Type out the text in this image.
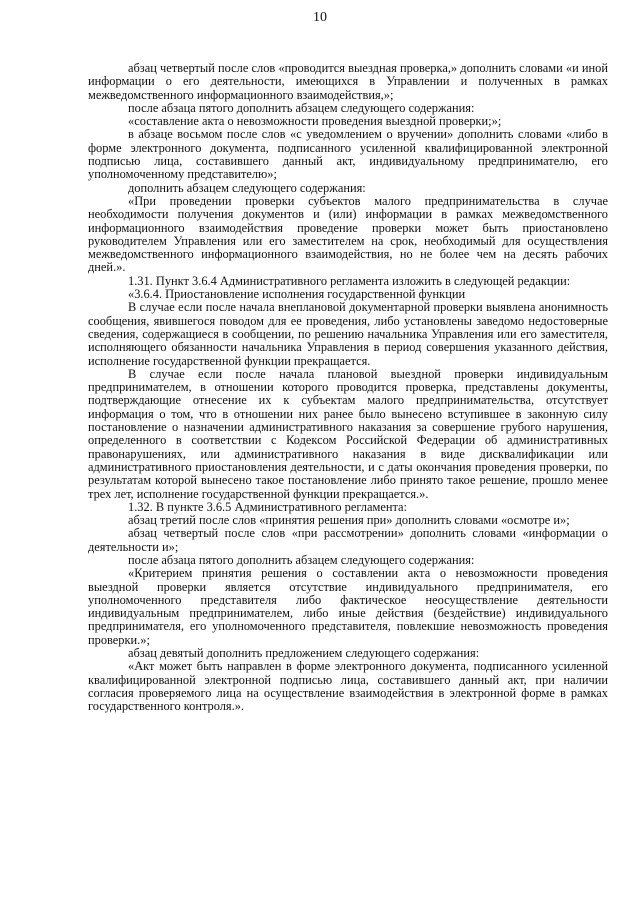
10

абзац четвертый после слов «проводится выездная проверка,» дополнить словами «и иной информации о его деятельности, имеющихся в Управлении и полученных в рамках межведомственного информационного взаимодействия,»;

после абзаца пятого дополнить абзацем следующего содержания:

«составление акта о невозможности проведения выездной проверки;»;

в абзаце восьмом после слов «с уведомлением о вручении» дополнить словами «либо в форме электронного документа, подписанного усиленной квалифицированной электронной подписью лица, составившего данный акт, индивидуальному предпринимателю, его уполномоченному представителю»;

дополнить абзацем следующего содержания:

«При проведении проверки субъектов малого предпринимательства в случае необходимости получения документов и (или) информации в рамках межведомственного информационного взаимодействия проведение проверки может быть приостановлено руководителем Управления или его заместителем на срок, необходимый для осуществления межведомственного информационного взаимодействия, но не более чем на десять рабочих дней.».

1.31. Пункт 3.6.4 Административного регламента изложить в следующей редакции:

«3.6.4. Приостановление исполнения государственной функции

В случае если после начала внеплановой документарной проверки выявлена анонимность сообщения, явившегося поводом для ее проведения, либо установлены заведомо недостоверные сведения, содержащиеся в сообщении, по решению начальника Управления или его заместителя, исполняющего обязанности начальника Управления в период совершения указанного действия, исполнение государственной функции прекращается.

В случае если после начала плановой выездной проверки индивидуальным предпринимателем, в отношении которого проводится проверка, представлены документы, подтверждающие отнесение их к субъектам малого предпринимательства, отсутствует информация о том, что в отношении них ранее было вынесено вступившее в законную силу постановление о назначении административного наказания за совершение грубого нарушения, определенного в соответствии с Кодексом Российской Федерации об административных правонарушениях, или административного наказания в виде дисквалификации или административного приостановления деятельности, и с даты окончания проведения проверки, по результатам которой вынесено такое постановление либо принято такое решение, прошло менее трех лет, исполнение государственной функции прекращается.».

1.32. В пункте 3.6.5 Административного регламента:

абзац третий после слов «принятия решения при» дополнить словами «осмотре и»;

абзац четвертый после слов «при рассмотрении» дополнить словами «информации о деятельности и»;

после абзаца пятого дополнить абзацем следующего содержания:

«Критерием принятия решения о составлении акта о невозможности проведения выездной проверки является отсутствие индивидуального предпринимателя, его уполномоченного представителя либо фактическое неосуществление деятельности индивидуальным предпринимателем, либо иные действия (бездействие) индивидуального предпринимателя, его уполномоченного представителя, повлекшие невозможность проведения проверки.»;

абзац девятый дополнить предложением следующего содержания:

«Акт может быть направлен в форме электронного документа, подписанного усиленной квалифицированной электронной подписью лица, составившего данный акт, при наличии согласия проверяемого лица на осуществление взаимодействия в электронной форме в рамках государственного контроля.».
